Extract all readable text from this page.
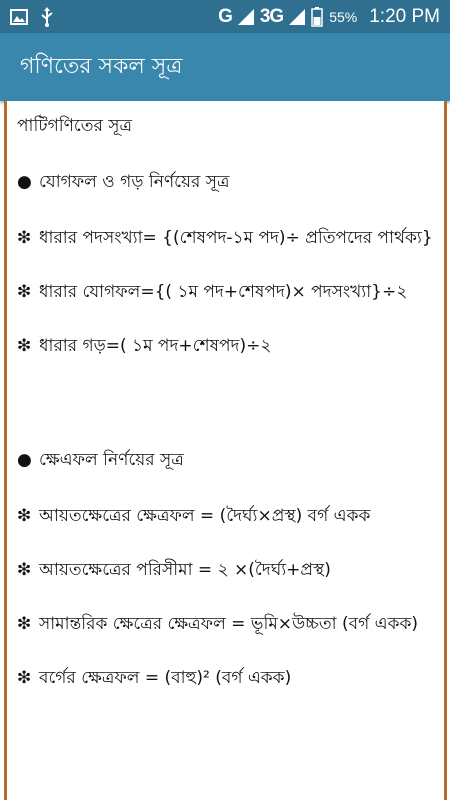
G 3G	55% 1:20 PM
গণিতের সকল সূত্র
পাটিগণিতের সূত্র
● যোগফল ও গড় নির্ণয়ের সূত্র
❇ ধারার পদসংখ্যা= {(শেষপদ-১ম পদ)÷ প্রতিপদের পার্থক্য}
❇ ধারার যোগফল={( ১ম পদ+শেষপদ)× পদসংখ্যা}÷২
❇ ধারার গড়=( ১ম পদ+শেষপদ)÷২
● ক্ষেএফল নির্ণয়ের সূত্র
❇ আয়তক্ষেত্রের ক্ষেত্রফল = (দৈর্ঘ্য×প্রস্থ) বর্গ একক
❇ আয়তক্ষেত্রের পরিসীমা = ২ ×(দৈর্ঘ্য+প্রস্থ)
❇ সামান্তরিক ক্ষেত্রের ক্ষেত্রফল = ভূমি×উচ্চতা (বর্গ একক)
❇ বর্গের ক্ষেত্রফল = (বাহু)² (বর্গ একক)
